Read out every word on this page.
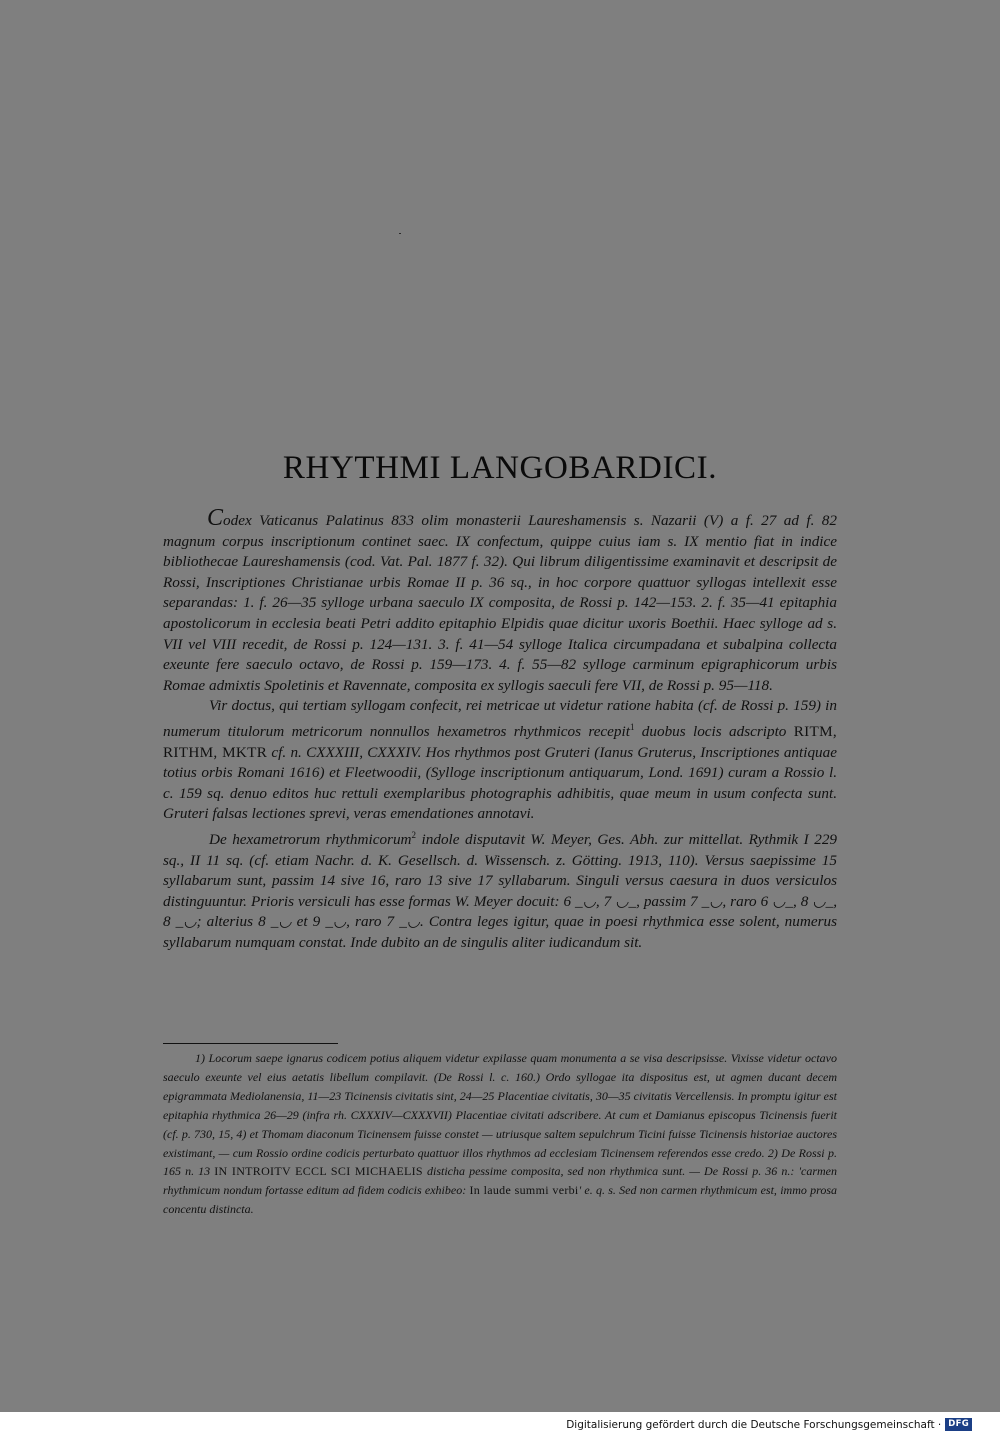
RHYTHMI LANGOBARDICI.

Codex Vaticanus Palatinus 833 olim monasterii Laureshamensis s. Nazarii (V) a f. 27 ad f. 82 magnum corpus inscriptionum continet saec. IX confectum, quippe cuius iam s. IX mentio fiat in indice bibliothecae Laureshamensis (cod. Vat. Pal. 1877 f. 32). Qui librum diligentissime examinavit et descripsit de Rossi, Inscriptiones Christianae urbis Romae II p. 36 sq., in hoc corpore quattuor syllogas intellexit esse separandas: 1. f. 26—35 sylloge urbana saeculo IX composita, de Rossi p. 142—153. 2. f. 35—41 epitaphia apostolicorum in ecclesia beati Petri addito epitaphio Elpidis quae dicitur uxoris Boethii. Haec sylloge ad s. VII vel VIII recedit, de Rossi p. 124—131. 3. f. 41—54 sylloge Italica circumpadana et subalpina collecta exeunte fere saeculo octavo, de Rossi p. 159—173. 4. f. 55—82 sylloge carminum epigraphicorum urbis Romae admixtis Spoletinis et Ravennate, composita ex syllogis saeculi fere VII, de Rossi p. 95—118.

Vir doctus, qui tertiam syllogam confecit, rei metricae ut videtur ratione habita (cf. de Rossi p. 159) in numerum titulorum metricorum nonnullos hexametros rhythmicos recepit$^1$ duobus locis adscripto RITM, RITHM, MKTR cf. n. CXXXIII, CXXXIV. Hos rhythmos post Gruteri (Ianus Gruterus, Inscriptiones antiquae totius orbis Romani 1616) et Fleetwoodii, (Sylloge inscriptionum antiquarum, Lond. 1691) curam a Rossio l. c. 159 sq. denuo editos huc rettuli exemplaribus photographis adhibitis, quae meum in usum confecta sunt. Gruteri falsas lectiones sprevi, veras emendationes annotavi.

De hexametrorum rhythmicorum$^2$ indole disputavit W. Meyer, Ges. Abh. zur mittellat. Rythmik I 229 sq., II 11 sq. (cf. etiam Nachr. d. K. Gesellsch. d. Wissensch. z. Götting. 1913, 110). Versus saepissime 15 syllabarum sunt, passim 14 sive 16, raro 13 sive 17 syllabarum. Singuli versus caesura in duos versiculos distinguuntur. Prioris versiculi has esse formas W. Meyer docuit: 6 _◡, 7 ◡_, passim 7 _◡, raro 6 ◡_, 8 ◡_, 8 _◡; alterius 8 _◡ et 9 _◡, raro 7 _◡. Contra leges igitur, quae in poesi rhythmica esse solent, numerus syllabarum numquam constat. Inde dubito an de singulis aliter iudicandum sit.

1) Locorum saepe ignarus codicem potius aliquem videtur expilasse quam monumenta a se visa descripsisse. Vixisse videtur octavo saeculo exeunte vel eius aetatis libellum compilavit. (De Rossi l. c. 160.) Ordo syllogae ita dispositus est, ut agmen ducant decem epigrammata Mediolanensia, 11—23 Ticinensis civitatis sint, 24—25 Placentiae civitatis, 30—35 civitatis Vercellensis. In promptu igitur est epitaphia rhythmica 26—29 (infra rh. CXXXIV—CXXXVII) Placentiae civitati adscribere. At cum et Damianus episcopus Ticinensis fuerit (cf. p. 730, 15, 4) et Thomam diaconum Ticinensem fuisse constet — utriusque saltem sepulchrum Ticini fuisse Ticinensis historiae auctores existimant, — cum Rossio ordine codicis perturbato quattuor illos rhythmos ad ecclesiam Ticinensem referendos esse credo. 2) De Rossi p. 165 n. 13 IN INTROITV ECCL SCI MICHAELIS disticha pessime composita, sed non rhythmica sunt. — De Rossi p. 36 n.: 'carmen rhythmicum nondum fortasse editum ad fidem codicis exhibeo: In laude summi verbi' e. q. s. Sed non carmen rhythmicum est, immo prosa concentu distincta.

Digitalisierung gefördert durch die Deutsche Forschungsgemeinschaft · DFG
